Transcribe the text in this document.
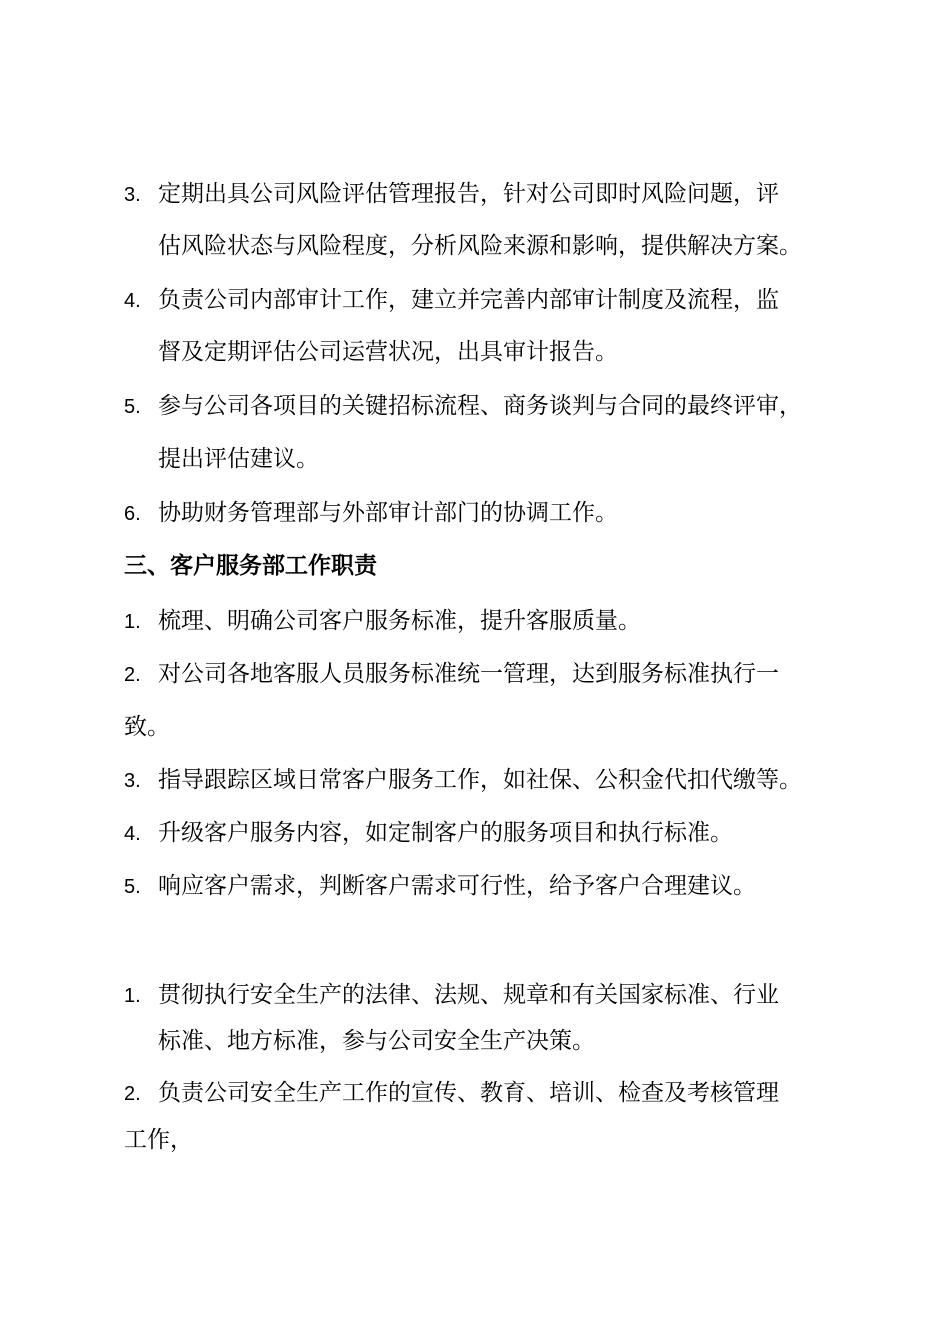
3. 定期出具公司风险评估管理报告，针对公司即时风险问题，评
估风险状态与风险程度，分析风险来源和影响，提供解决方案。
4. 负责公司内部审计工作，建立并完善内部审计制度及流程，监
督及定期评估公司运营状况，出具审计报告。
5. 参与公司各项目的关键招标流程、商务谈判与合同的最终评审，
提出评估建议。
6. 协助财务管理部与外部审计部门的协调工作。
三、客户服务部工作职责
1. 梳理、明确公司客户服务标准，提升客服质量。
2. 对公司各地客服人员服务标准统一管理，达到服务标准执行一
致。
3. 指导跟踪区域日常客户服务工作，如社保、公积金代扣代缴等。
4. 升级客户服务内容，如定制客户的服务项目和执行标准。
5. 响应客户需求，判断客户需求可行性，给予客户合理建议。
1. 贯彻执行安全生产的法律、法规、规章和有关国家标准、行业
标准、地方标准，参与公司安全生产决策。
2. 负责公司安全生产工作的宣传、教育、培训、检查及考核管理
工作，
